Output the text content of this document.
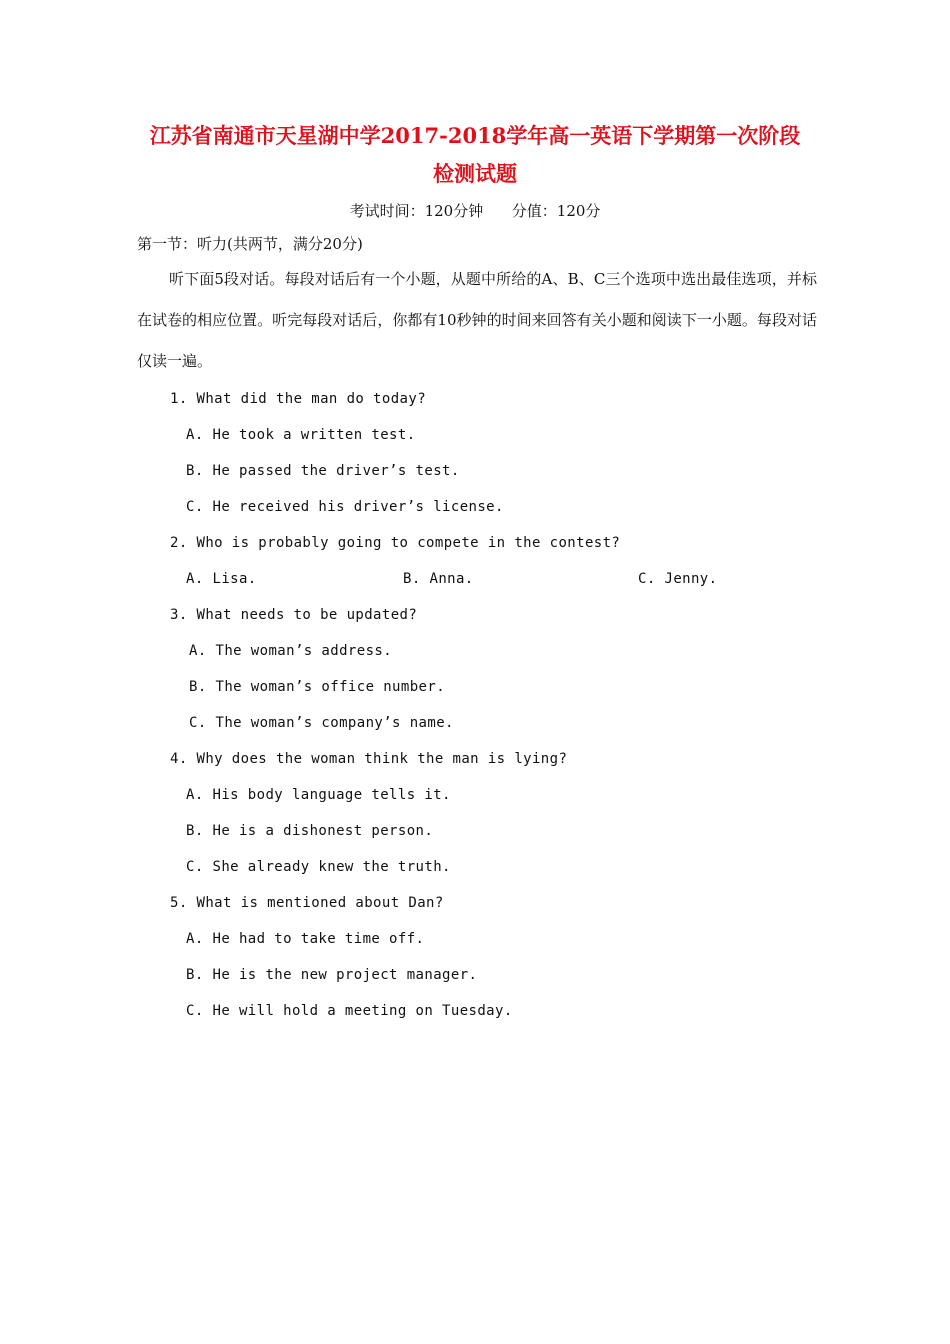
江苏省南通市天星湖中学2017-2018学年高一英语下学期第一次阶段
检测试题
考试时间：120分钟      分值：120分
第一节：听力(共两节，满分20分)
听下面5段对话。每段对话后有一个小题，从题中所给的A、B、C三个选项中选出最佳选项，并标在试卷的相应位置。听完每段对话后，你都有10秒钟的时间来回答有关小题和阅读下一小题。每段对话仅读一遍。
1. What did the man do today?
A. He took a written test.
B. He passed the driver’s test.
C. He received his driver’s license.
2. Who is probably going to compete in the contest?
A. Lisa.	B. Anna.	C. Jenny.
3. What needs to be updated?
A. The woman’s address.
B. The woman’s office number.
C. The woman’s company’s name.
4. Why does the woman think the man is lying?
A. His body language tells it.
B. He is a dishonest person.
C. She already knew the truth.
5. What is mentioned about Dan?
A. He had to take time off.
B. He is the new project manager.
C. He will hold a meeting on Tuesday.
